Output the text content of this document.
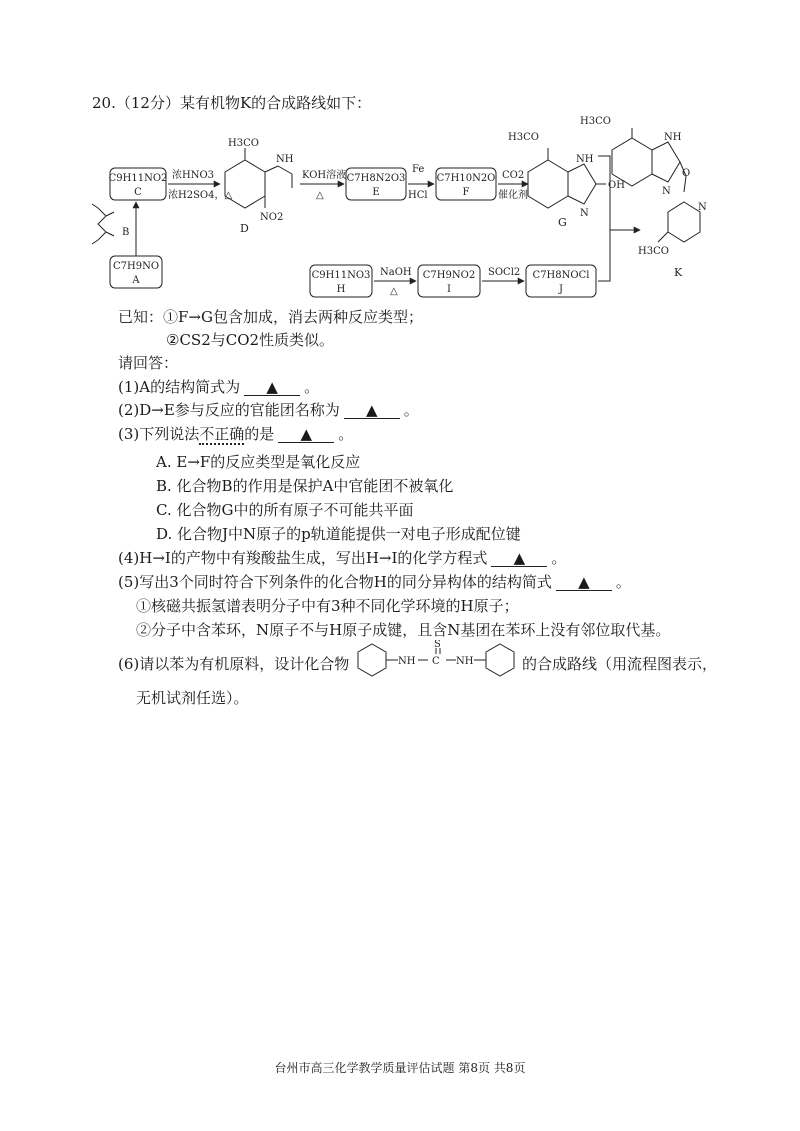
20.（12分）某有机物K的合成路线如下：
C9H11NO2
C
C7H9NO
A
C7H8N2O3
E
C7H10N2O
F
C9H11NO3
H
C7H9NO2
I
C7H8NOCl
J
浓HNO3
浓H2SO4，△
B
KOH溶液
△
Fe
HCl
CO2
催化剂
NaOH
△
SOCl2
H3CO
NH
NO2
D
H3CO
NH
N
OH
G
H3CO
NH
N
O
N
H3CO
K
已知：①F→G包含加成，消去两种反应类型；
②CS2与CO2性质类似。
请回答：
(1)A的结构简式为 ▲ 。
(2)D→E参与反应的官能团名称为 ▲ 。
(3)下列说法不正确的是 ▲ 。
A. E→F的反应类型是氧化反应
B. 化合物B的作用是保护A中官能团不被氧化
C. 化合物G中的所有原子不可能共平面
D. 化合物J中N原子的p轨道能提供一对电子形成配位键
(4)H→I的产物中有羧酸盐生成，写出H→I的化学方程式 ▲ 。
(5)写出3个同时符合下列条件的化合物H的同分异构体的结构简式 ▲ 。
①核磁共振氢谱表明分子中有3种不同化学环境的H原子；
②分子中含苯环，N原子不与H原子成键，且含N基团在苯环上没有邻位取代基。
(6)请以苯为有机原料，设计化合物	NH C
S
NH	的合成路线（用流程图表示，
无机试剂任选）。
台州市高三化学教学质量评估试题 第8页 共8页
